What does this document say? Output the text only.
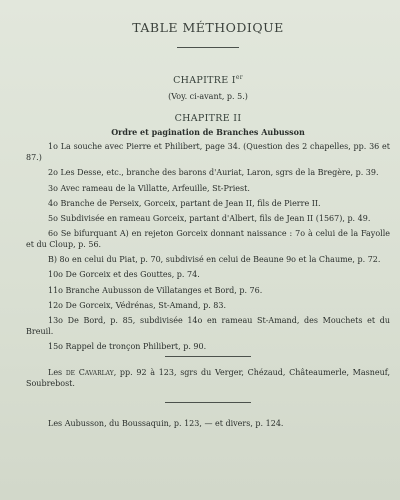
TABLE MÉTHODIQUE
CHAPITRE Ier
(Voy. ci-avant, p. 5.)
CHAPITRE II
Ordre et pagination de Branches Aubusson

1o La souche avec Pierre et Philibert, page 34. (Question des 2 chapelles, pp. 36 et 87.)

2o Les Desse, etc., branche des barons d'Auriat, Laron, sgrs de la Bregère, p. 39.

3o Avec rameau de la Villatte, Arfeuille, St-Priest.

4o Branche de Perseix, Gorceix, partant de Jean II, fils de Pierre II.

5o Subdivisée en rameau Gorceix, partant d'Albert, fils de Jean II (1567), p. 49.

6o Se bifurquant A) en rejeton Gorceix donnant naissance : 7o à celui de la Fayolle et du Cloup, p. 56.

B) 8o en celui du Piat, p. 70, subdivisé en celui de Beaune 9o et la Chaume, p. 72.

10o De Gorceix et des Gouttes, p. 74.

11o Branche Aubusson de Villatanges et Bord, p. 76.

12o De Gorceix, Védrénas, St-Amand, p. 83.

13o De Bord, p. 85, subdivisée 14o en rameau St-Amand, des Mouchets et du Breuil.

15o Rappel de tronçon Philibert, p. 90.

Les de Cavarlay, pp. 92 à 123, sgrs du Verger, Chézaud, Châteaumerle, Masneuf, Soubrebost.

Les Aubusson, du Boussaquin, p. 123, — et divers, p. 124.
